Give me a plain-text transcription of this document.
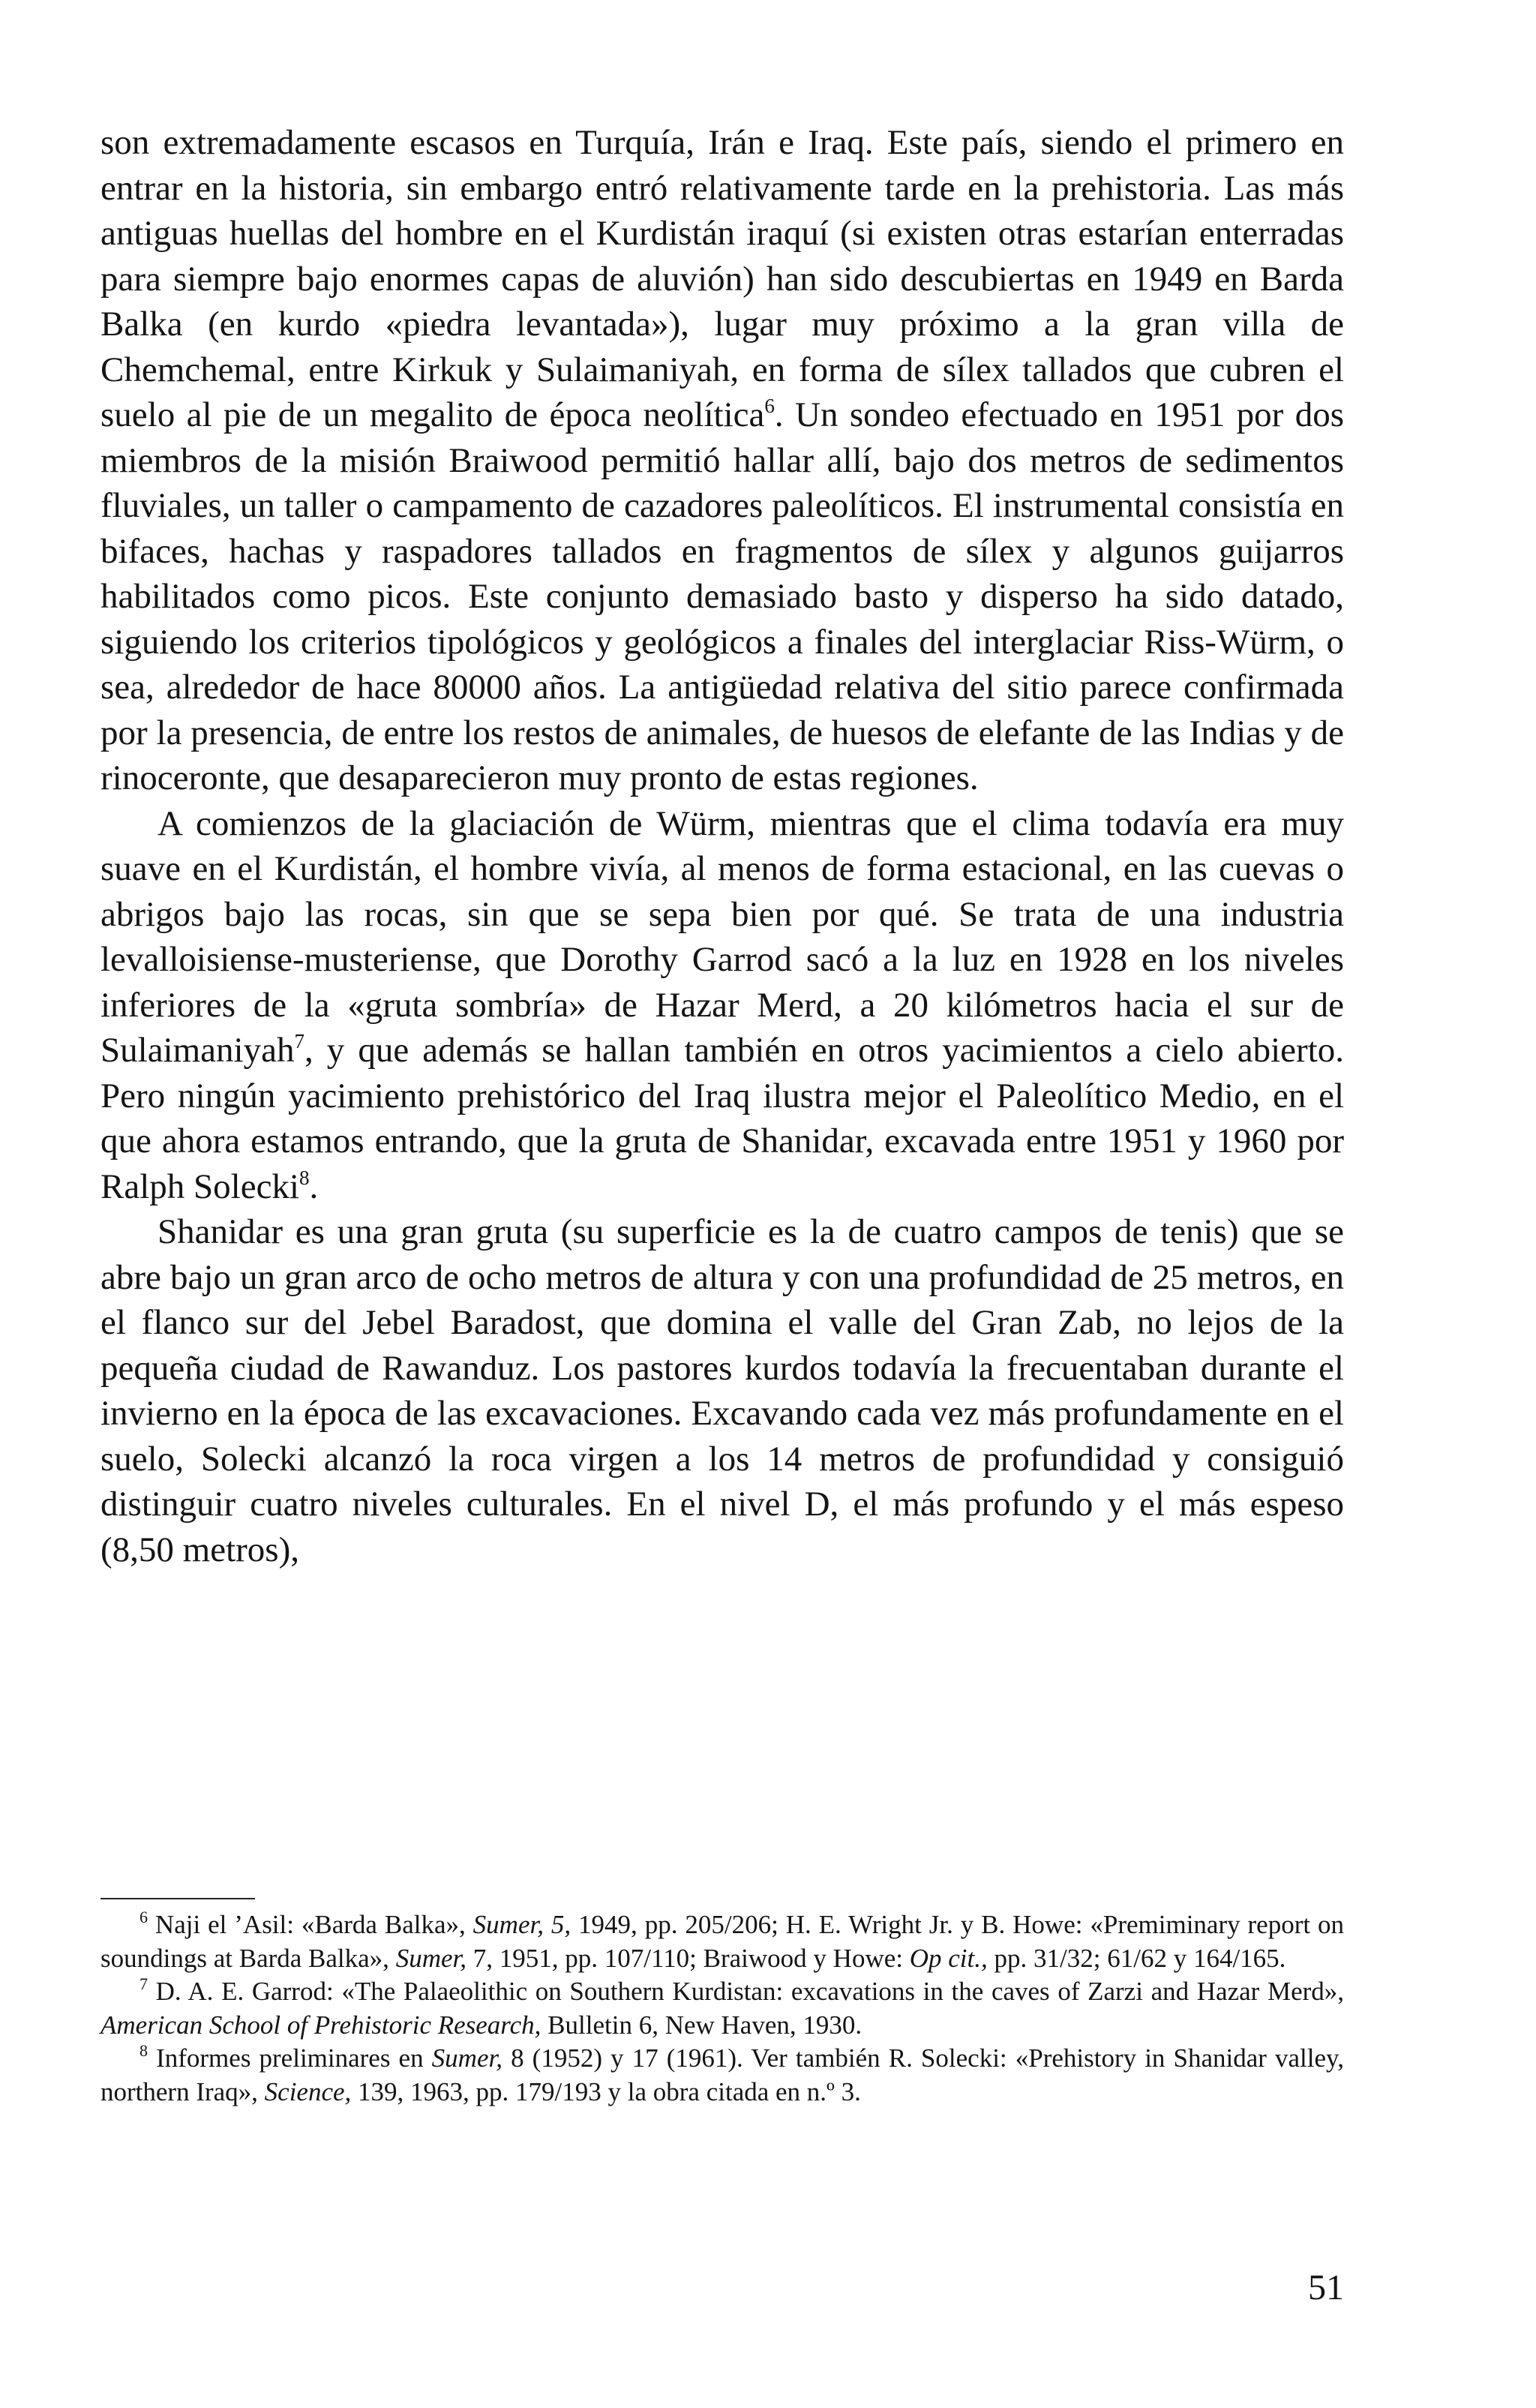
son extremadamente escasos en Turquía, Irán e Iraq. Este país, siendo el primero en entrar en la historia, sin embargo entró relativamente tarde en la prehistoria. Las más antiguas huellas del hombre en el Kurdistán iraquí (si existen otras estarían enterradas para siempre bajo enormes capas de aluvión) han sido descubiertas en 1949 en Barda Balka (en kurdo «piedra levantada»), lugar muy próximo a la gran villa de Chemchemal, entre Kirkuk y Sulaimaniyah, en forma de sílex tallados que cubren el suelo al pie de un megalito de época neolítica$^6$. Un sondeo efectuado en 1951 por dos miembros de la misión Braiwood permitió hallar allí, bajo dos metros de sedimentos fluviales, un taller o campamento de cazadores paleolíticos. El instrumental consistía en bifaces, hachas y raspadores tallados en fragmentos de sílex y algunos guijarros habilitados como picos. Este conjunto demasiado basto y disperso ha sido datado, siguiendo los criterios tipológicos y geológicos a finales del interglaciar Riss-Würm, o sea, alrededor de hace 80000 años. La antigüedad relativa del sitio parece confirmada por la presencia, de entre los restos de animales, de huesos de elefante de las Indias y de rinoceronte, que desaparecieron muy pronto de estas regiones.

A comienzos de la glaciación de Würm, mientras que el clima todavía era muy suave en el Kurdistán, el hombre vivía, al menos de forma estacional, en las cuevas o abrigos bajo las rocas, sin que se sepa bien por qué. Se trata de una industria levalloisiense-musteriense, que Dorothy Garrod sacó a la luz en 1928 en los niveles inferiores de la «gruta sombría» de Hazar Merd, a 20 kilómetros hacia el sur de Sulaimaniyah$^7$, y que además se hallan también en otros yacimientos a cielo abierto. Pero ningún yacimiento prehistórico del Iraq ilustra mejor el Paleolítico Medio, en el que ahora estamos entrando, que la gruta de Shanidar, excavada entre 1951 y 1960 por Ralph Solecki$^8$.

Shanidar es una gran gruta (su superficie es la de cuatro campos de tenis) que se abre bajo un gran arco de ocho metros de altura y con una profundidad de 25 metros, en el flanco sur del Jebel Baradost, que domina el valle del Gran Zab, no lejos de la pequeña ciudad de Rawanduz. Los pastores kurdos todavía la frecuentaban durante el invierno en la época de las excavaciones. Excavando cada vez más profundamente en el suelo, Solecki alcanzó la roca virgen a los 14 metros de profundidad y consiguió distinguir cuatro niveles culturales. En el nivel D, el más profundo y el más espeso (8,50 metros),

$^6$ Naji el ’Asil: «Barda Balka», Sumer, 5, 1949, pp. 205/206; H. E. Wright Jr. y B. Howe: «Premiminary report on soundings at Barda Balka», Sumer, 7, 1951, pp. 107/110; Braiwood y Howe: Op cit., pp. 31/32; 61/62 y 164/165.

$^7$ D. A. E. Garrod: «The Palaeolithic on Southern Kurdistan: excavations in the caves of Zarzi and Hazar Merd», American School of Prehistoric Research, Bulletin 6, New Haven, 1930.

$^8$ Informes preliminares en Sumer, 8 (1952) y 17 (1961). Ver también R. Solecki: «Prehistory in Shanidar valley, northern Iraq», Science, 139, 1963, pp. 179/193 y la obra citada en n.º 3.

51
